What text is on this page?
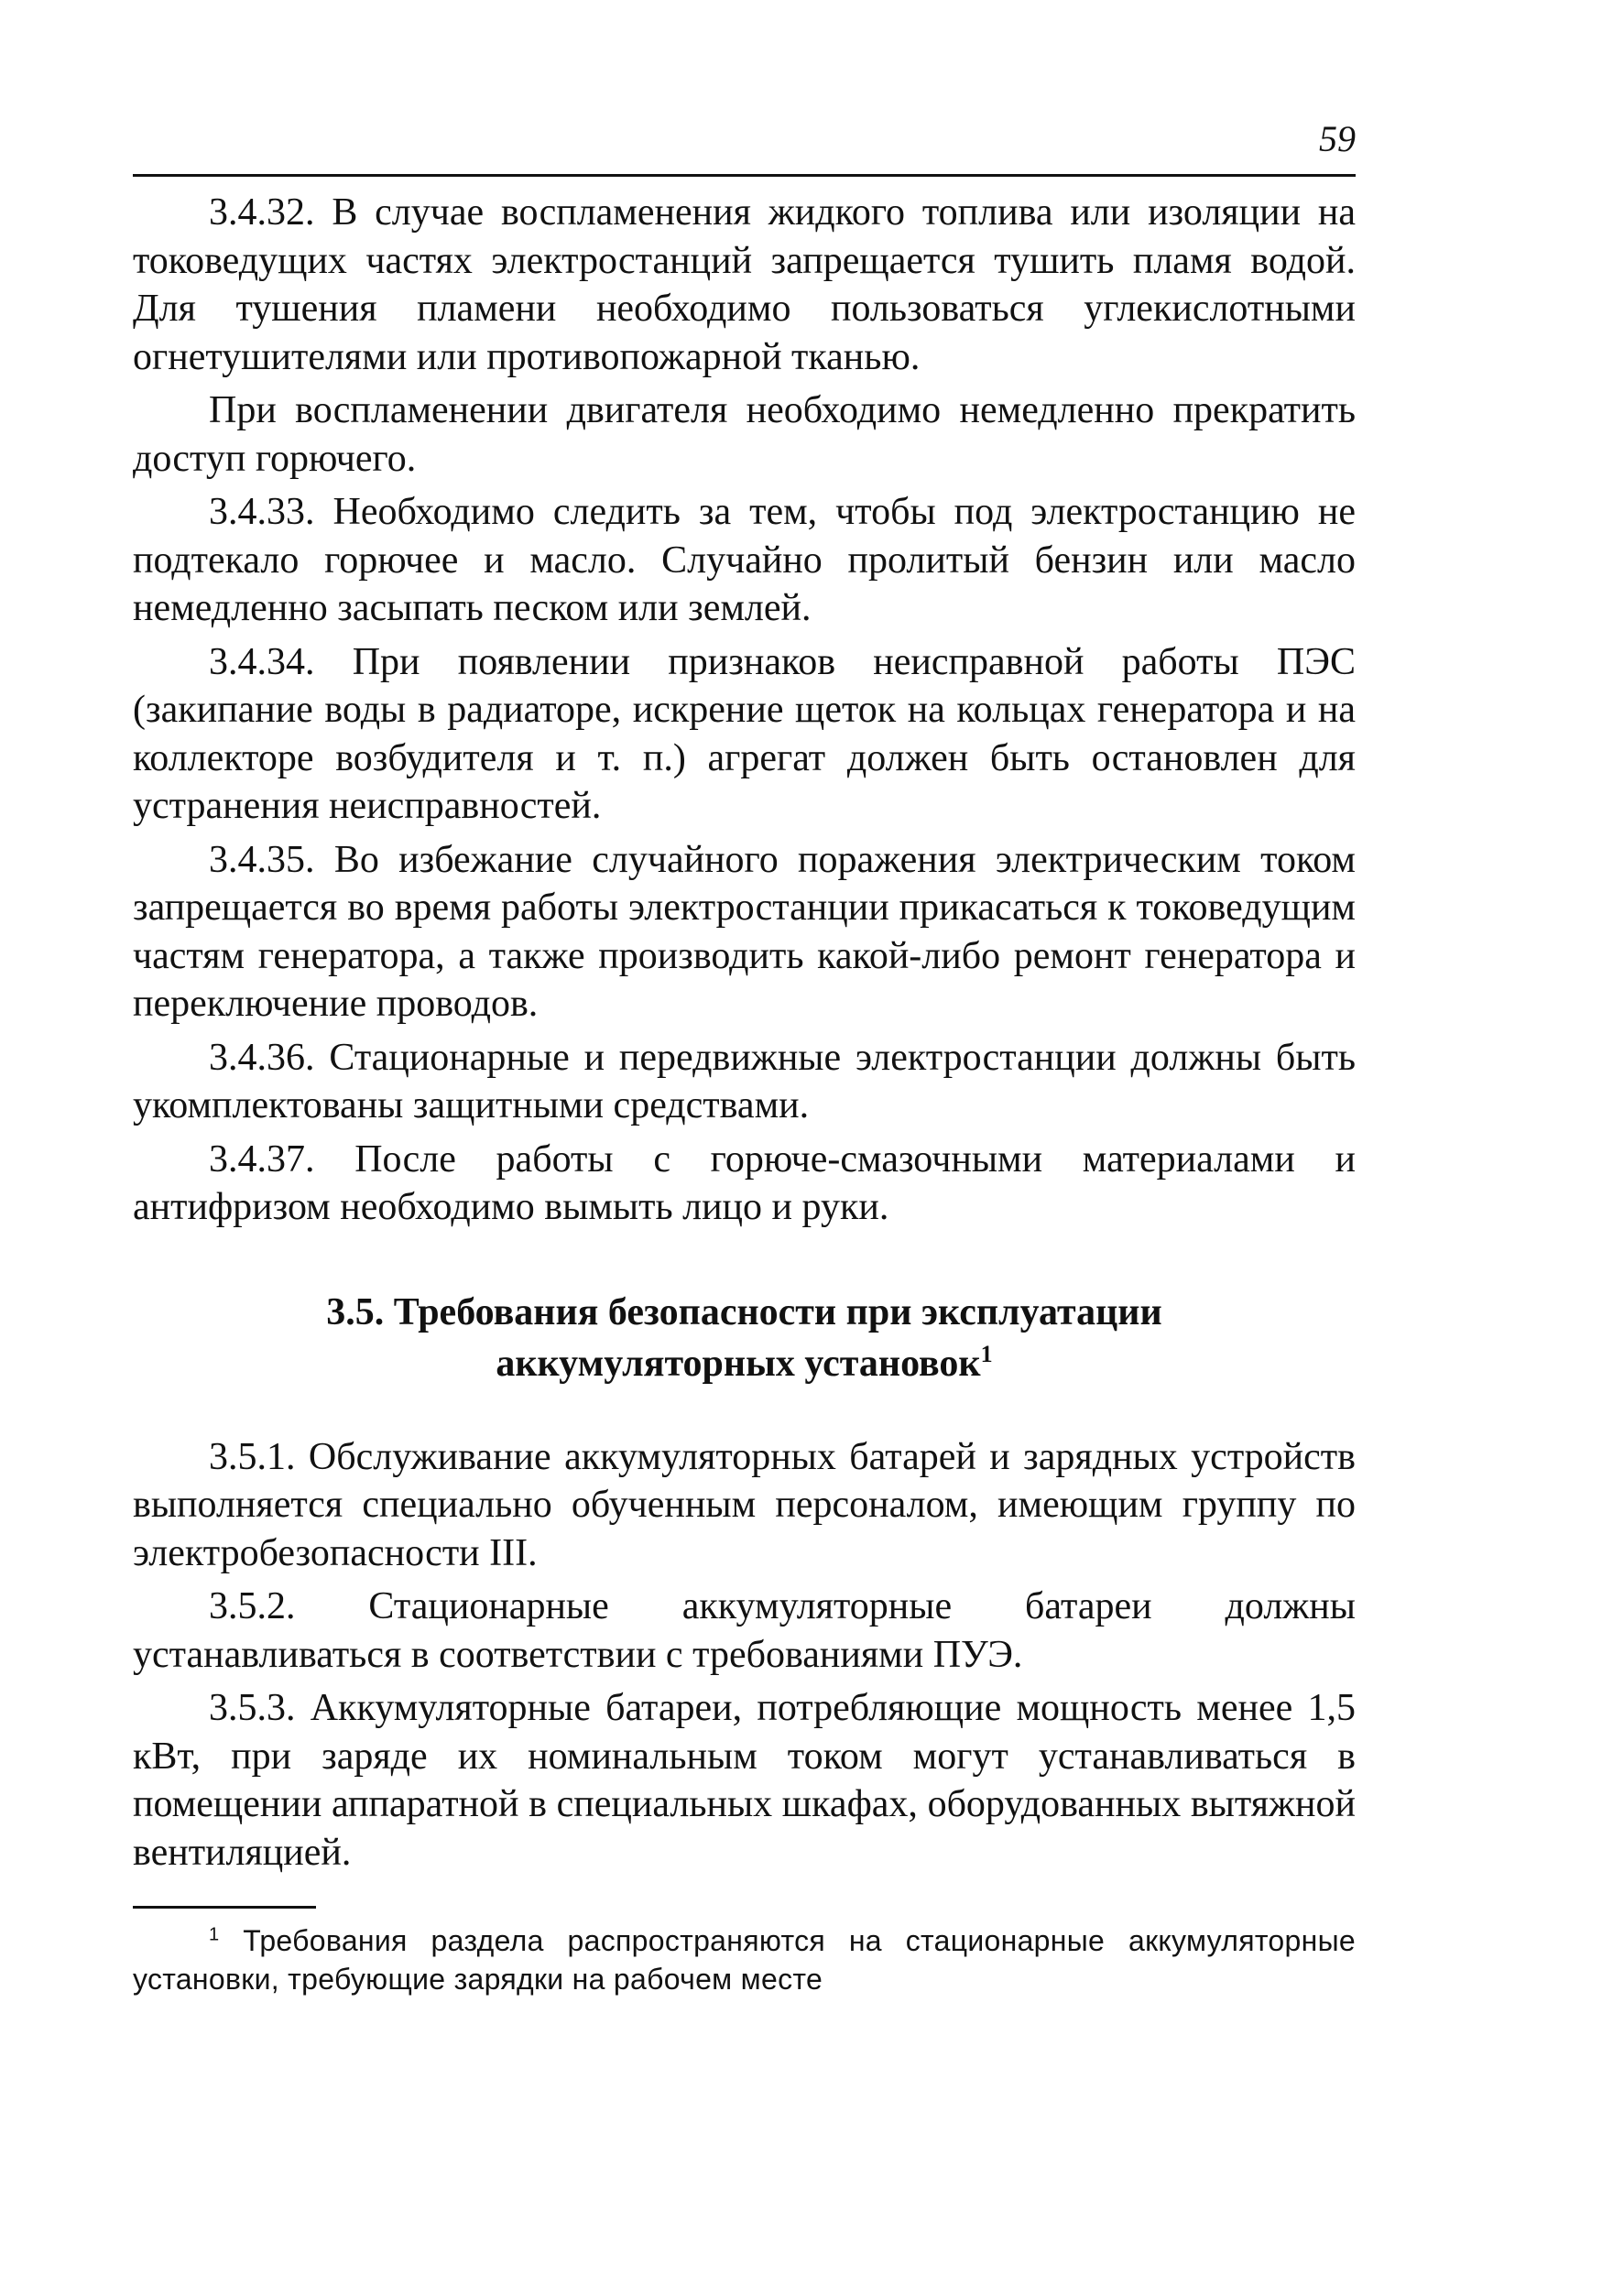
59

3.4.32. В случае воспламенения жидкого топлива или изоляции на токоведущих частях электростанций запрещается тушить пламя водой. Для тушения пламени необходимо пользоваться углекислотными огнетушителями или противопожарной тканью.

При воспламенении двигателя необходимо немедленно прекратить доступ горючего.

3.4.33. Необходимо следить за тем, чтобы под электростанцию не подтекало горючее и масло. Случайно пролитый бензин или масло немедленно засыпать песком или землей.

3.4.34. При появлении признаков неисправной работы ПЭС (закипание воды в радиаторе, искрение щеток на кольцах генератора и на коллекторе возбудителя и т. п.) агрегат должен быть остановлен для устранения неисправностей.

3.4.35. Во избежание случайного поражения электрическим током запрещается во время работы электростанции прикасаться к токоведущим частям генератора, а также производить какой-либо ремонт генератора и переключение проводов.

3.4.36. Стационарные и передвижные электростанции должны быть укомплектованы защитными средствами.

3.4.37. После работы с горюче-смазочными материалами и антифризом необходимо вымыть лицо и руки.

3.5. Требования безопасности при эксплуатации
аккумуляторных установок$^1$

3.5.1. Обслуживание аккумуляторных батарей и зарядных устройств выполняется специально обученным персоналом, имеющим группу по электробезопасности III.

3.5.2. Стационарные аккумуляторные батареи должны устанавливаться в соответствии с требованиями ПУЭ.

3.5.3. Аккумуляторные батареи, потребляющие мощность менее 1,5 кВт, при заряде их номинальным током могут устанавливаться в помещении аппаратной в специальных шкафах, оборудованных вытяжной вентиляцией.

$^1$ Требования раздела распространяются на стационарные аккумуляторные установки, требующие зарядки на рабочем месте
